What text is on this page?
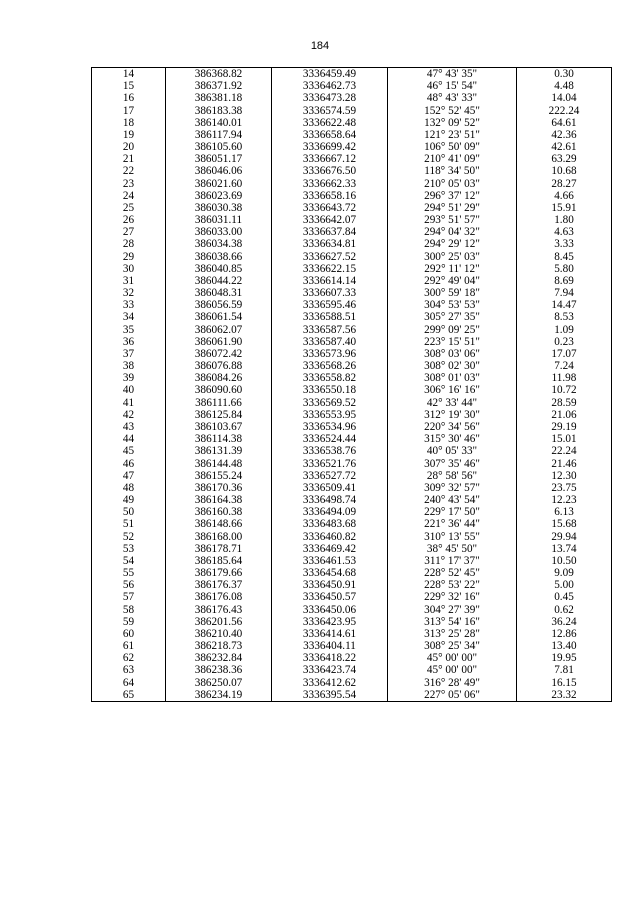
184
14	386368.82	3336459.49	47° 43' 35"	0.30
15	386371.92	3336462.73	46° 15' 54"	4.48
16	386381.18	3336473.28	48° 43' 33"	14.04
17	386183.38	3336574.59	152° 52' 45"	222.24
18	386140.01	3336622.48	132° 09' 52"	64.61
19	386117.94	3336658.64	121° 23' 51"	42.36
20	386105.60	3336699.42	106° 50' 09"	42.61
21	386051.17	3336667.12	210° 41' 09"	63.29
22	386046.06	3336676.50	118° 34' 50"	10.68
23	386021.60	3336662.33	210° 05' 03"	28.27
24	386023.69	3336658.16	296° 37' 12"	4.66
25	386030.38	3336643.72	294° 51' 29"	15.91
26	386031.11	3336642.07	293° 51' 57"	1.80
27	386033.00	3336637.84	294° 04' 32"	4.63
28	386034.38	3336634.81	294° 29' 12"	3.33
29	386038.66	3336627.52	300° 25' 03"	8.45
30	386040.85	3336622.15	292° 11' 12"	5.80
31	386044.22	3336614.14	292° 49' 04"	8.69
32	386048.31	3336607.33	300° 59' 18"	7.94
33	386056.59	3336595.46	304° 53' 53"	14.47
34	386061.54	3336588.51	305° 27' 35"	8.53
35	386062.07	3336587.56	299° 09' 25"	1.09
36	386061.90	3336587.40	223° 15' 51"	0.23
37	386072.42	3336573.96	308° 03' 06"	17.07
38	386076.88	3336568.26	308° 02' 30"	7.24
39	386084.26	3336558.82	308° 01' 03"	11.98
40	386090.60	3336550.18	306° 16' 16"	10.72
41	386111.66	3336569.52	42° 33' 44"	28.59
42	386125.84	3336553.95	312° 19' 30"	21.06
43	386103.67	3336534.96	220° 34' 56"	29.19
44	386114.38	3336524.44	315° 30' 46"	15.01
45	386131.39	3336538.76	40° 05' 33"	22.24
46	386144.48	3336521.76	307° 35' 46"	21.46
47	386155.24	3336527.72	28° 58' 56"	12.30
48	386170.36	3336509.41	309° 32' 57"	23.75
49	386164.38	3336498.74	240° 43' 54"	12.23
50	386160.38	3336494.09	229° 17' 50"	6.13
51	386148.66	3336483.68	221° 36' 44"	15.68
52	386168.00	3336460.82	310° 13' 55"	29.94
53	386178.71	3336469.42	38° 45' 50"	13.74
54	386185.64	3336461.53	311° 17' 37"	10.50
55	386179.66	3336454.68	228° 52' 45"	9.09
56	386176.37	3336450.91	228° 53' 22"	5.00
57	386176.08	3336450.57	229° 32' 16"	0.45
58	386176.43	3336450.06	304° 27' 39"	0.62
59	386201.56	3336423.95	313° 54' 16"	36.24
60	386210.40	3336414.61	313° 25' 28"	12.86
61	386218.73	3336404.11	308° 25' 34"	13.40
62	386232.84	3336418.22	45° 00' 00"	19.95
63	386238.36	3336423.74	45° 00' 00"	7.81
64	386250.07	3336412.62	316° 28' 49"	16.15
65	386234.19	3336395.54	227° 05' 06"	23.32
